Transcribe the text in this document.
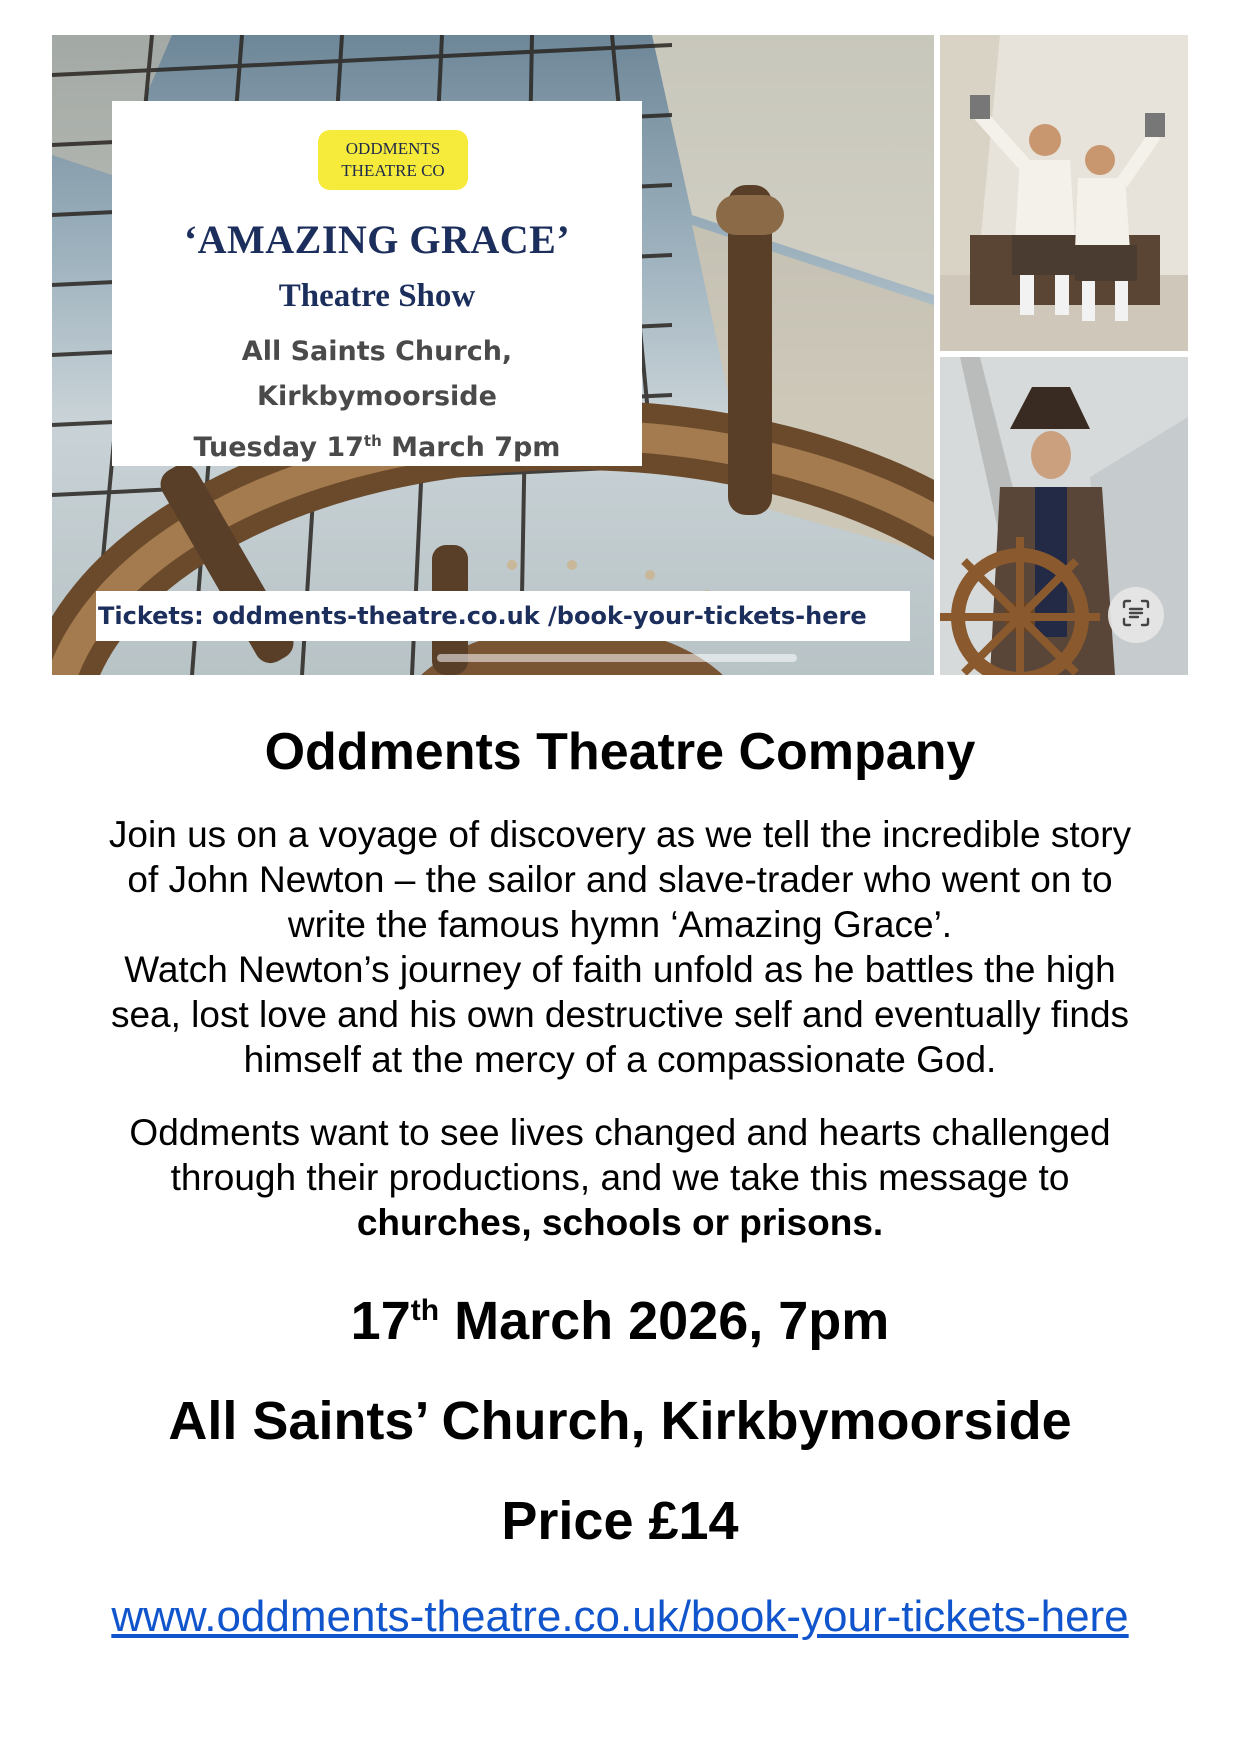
ODDMENTS
THEATRE CO
‘AMAZING GRACE’
Theatre Show
All Saints Church,
Kirkbymoorside
Tuesday 17th March 7pm
Tickets: oddments-theatre.co.uk /book-your-tickets-here
Oddments Theatre Company
Join us on a voyage of discovery as we tell the incredible story
of John Newton – the sailor and slave-trader who went on to
write the famous hymn ‘Amazing Grace’.
Watch Newton’s journey of faith unfold as he battles the high
sea, lost love and his own destructive self and eventually finds
himself at the mercy of a compassionate God.
Oddments want to see lives changed and hearts challenged
through their productions, and we take this message to
churches, schools or prisons.
17th March 2026, 7pm
All Saints’ Church, Kirkbymoorside
Price £14
www.oddments-theatre.co.uk/book-your-tickets-here
